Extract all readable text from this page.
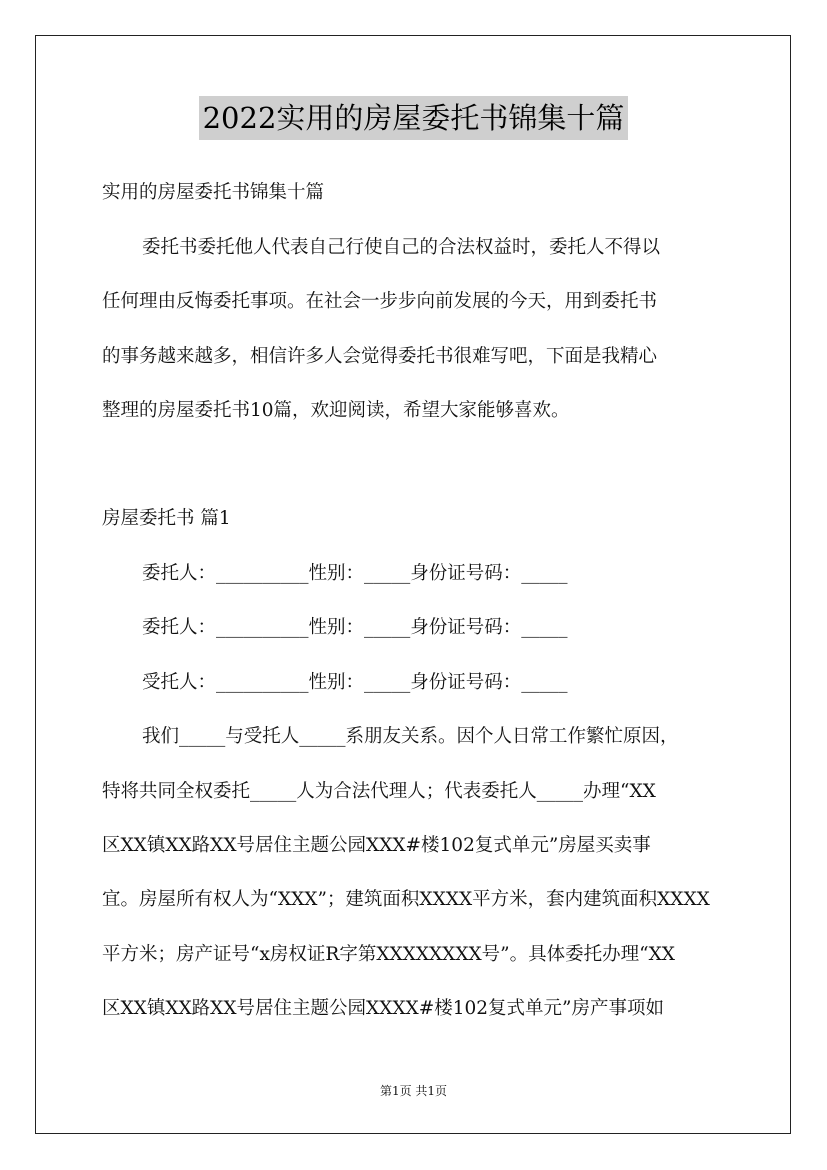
2022实用的房屋委托书锦集十篇
实用的房屋委托书锦集十篇
委托书委托他人代表自己行使自己的合法权益时，委托人不得以
任何理由反悔委托事项。在社会一步步向前发展的今天，用到委托书
的事务越来越多，相信许多人会觉得委托书很难写吧，下面是我精心
整理的房屋委托书10篇，欢迎阅读，希望大家能够喜欢。
房屋委托书 篇1
委托人：__________性别：_____身份证号码：_____
委托人：__________性别：_____身份证号码：_____
受托人：__________性别：_____身份证号码：_____
我们_____与受托人_____系朋友关系。因个人日常工作繁忙原因，
特将共同全权委托_____人为合法代理人；代表委托人_____办理“XX
区XX镇XX路XX号居住主题公园XXX#楼102复式单元”房屋买卖事
宜。房屋所有权人为“XXX”；建筑面积XXXX平方米，套内建筑面积XXXX
平方米；房产证号“x房权证R字第XXXXXXXX号”。具体委托办理“XX
区XX镇XX路XX号居住主题公园XXXX#楼102复式单元”房产事项如
第1页 共1页
